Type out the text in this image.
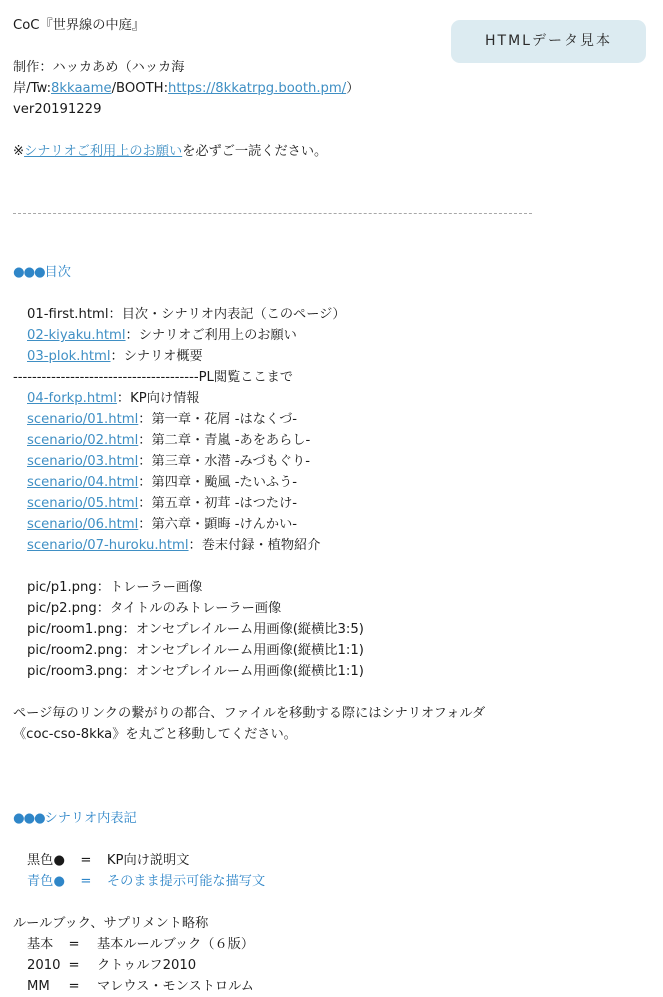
HTMLデータ見本

CoC『世界線の中庭』

制作：ハッカあめ（ハッカ海

岸/Tw:8kkaame/BOOTH:https://8kkatrpg.booth.pm/）

ver20191229

※シナリオご利用上のお願いを必ずご一読ください。

●●●目次

01-first.html：目次・シナリオ内表記（このページ）

02-kiyaku.html：シナリオご利用上のお願い

03-plok.html：シナリオ概要

---------------------------------------PL閲覧ここまで

04-forkp.html：KP向け情報

scenario/01.html：第一章・花屑 -はなくづ-

scenario/02.html：第二章・青嵐 -あをあらし-

scenario/03.html：第三章・水潜 -みづもぐり-

scenario/04.html：第四章・颱風 -たいふう-

scenario/05.html：第五章・初茸 -はつたけ-

scenario/06.html：第六章・顕晦 -けんかい-

scenario/07-huroku.html：巻末付録・植物紹介

pic/p1.png：トレーラー画像

pic/p2.png：タイトルのみトレーラー画像

pic/room1.png：オンセプレイルーム用画像(縦横比3:5)

pic/room2.png：オンセプレイルーム用画像(縦横比1:1)

pic/room3.png：オンセプレイルーム用画像(縦横比1:1)

ページ毎のリンクの繋がりの都合、ファイルを移動する際にはシナリオフォルダ

《coc-cso-8kka》を丸ごと移動してください。

●●●シナリオ内表記

黒色● = KP向け説明文

青色● = そのまま提示可能な描写文

ルールブック、サプリメント略称

基本 = 基本ルールブック（６版）

2010 = クトゥルフ2010

MM = マレウス・モンストロルム
